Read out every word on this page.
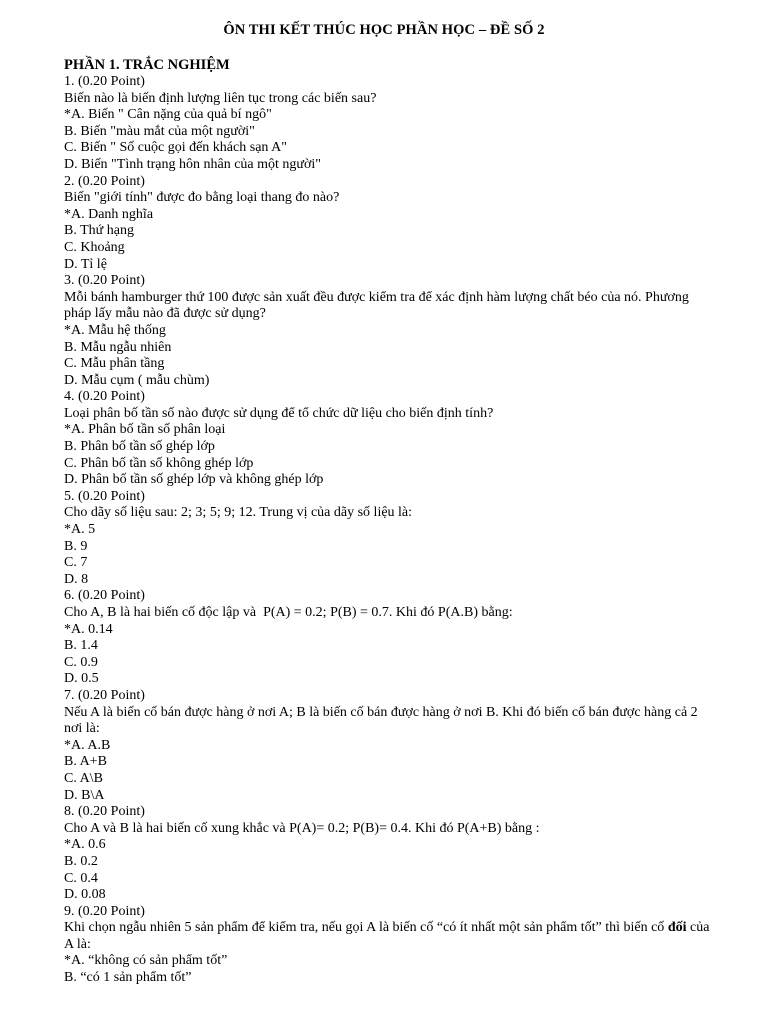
ÔN THI KẾT THÚC HỌC PHẦN HỌC – ĐỀ SỐ 2
PHẦN 1. TRẮC NGHIỆM
1. (0.20 Point)
Biến nào là biến định lượng liên tục trong các biến sau?
*A. Biến " Cân nặng của quả bí ngô"
B. Biến "màu mắt của một người"
C. Biến " Số cuộc gọi đến khách sạn A"
D. Biến "Tình trạng hôn nhân của một người"
2. (0.20 Point)
Biến "giới tính" được đo bằng loại thang đo nào?
*A. Danh nghĩa
B. Thứ hạng
C. Khoảng
D. Tỉ lệ
3. (0.20 Point)
Mỗi bánh hamburger thứ 100 được sản xuất đều được kiểm tra để xác định hàm lượng chất béo của nó. Phương pháp lấy mẫu nào đã được sử dụng?
*A. Mẫu hệ thống
B. Mẫu ngẫu nhiên
C. Mẫu phân tầng
D. Mẫu cụm ( mẫu chùm)
4. (0.20 Point)
Loại phân bố tần số nào được sử dụng để tổ chức dữ liệu cho biến định tính?
*A. Phân bố tần số phân loại
B. Phân bố tần số ghép lớp
C. Phân bố tần số không ghép lớp
D. Phân bố tần số ghép lớp và không ghép lớp
5. (0.20 Point)
Cho dãy số liệu sau: 2; 3; 5; 9; 12. Trung vị của dãy số liệu là:
*A. 5
B. 9
C. 7
D. 8
6. (0.20 Point)
Cho A, B là hai biến cố độc lập và  P(A) = 0.2; P(B) = 0.7. Khi đó P(A.B) bằng:
*A. 0.14
B. 1.4
C. 0.9
D. 0.5
7. (0.20 Point)
Nếu A là biến cố bán được hàng ở nơi A; B là biến cố bán được hàng ở nơi B. Khi đó biến cố bán được hàng cả 2 nơi là:
*A. A.B
B. A+B
C. A\B
D. B\A
8. (0.20 Point)
Cho A và B là hai biến cố xung khắc và P(A)= 0.2; P(B)= 0.4. Khi đó P(A+B) bằng :
*A. 0.6
B. 0.2
C. 0.4
D. 0.08
9. (0.20 Point)
Khi chọn ngẫu nhiên 5 sản phẩm để kiểm tra, nếu gọi A là biến cố “có ít nhất một sản phẩm tốt” thì biến cố đối của A là:
*A. “không có sản phẩm tốt”
B. “có 1 sản phẩm tốt”
